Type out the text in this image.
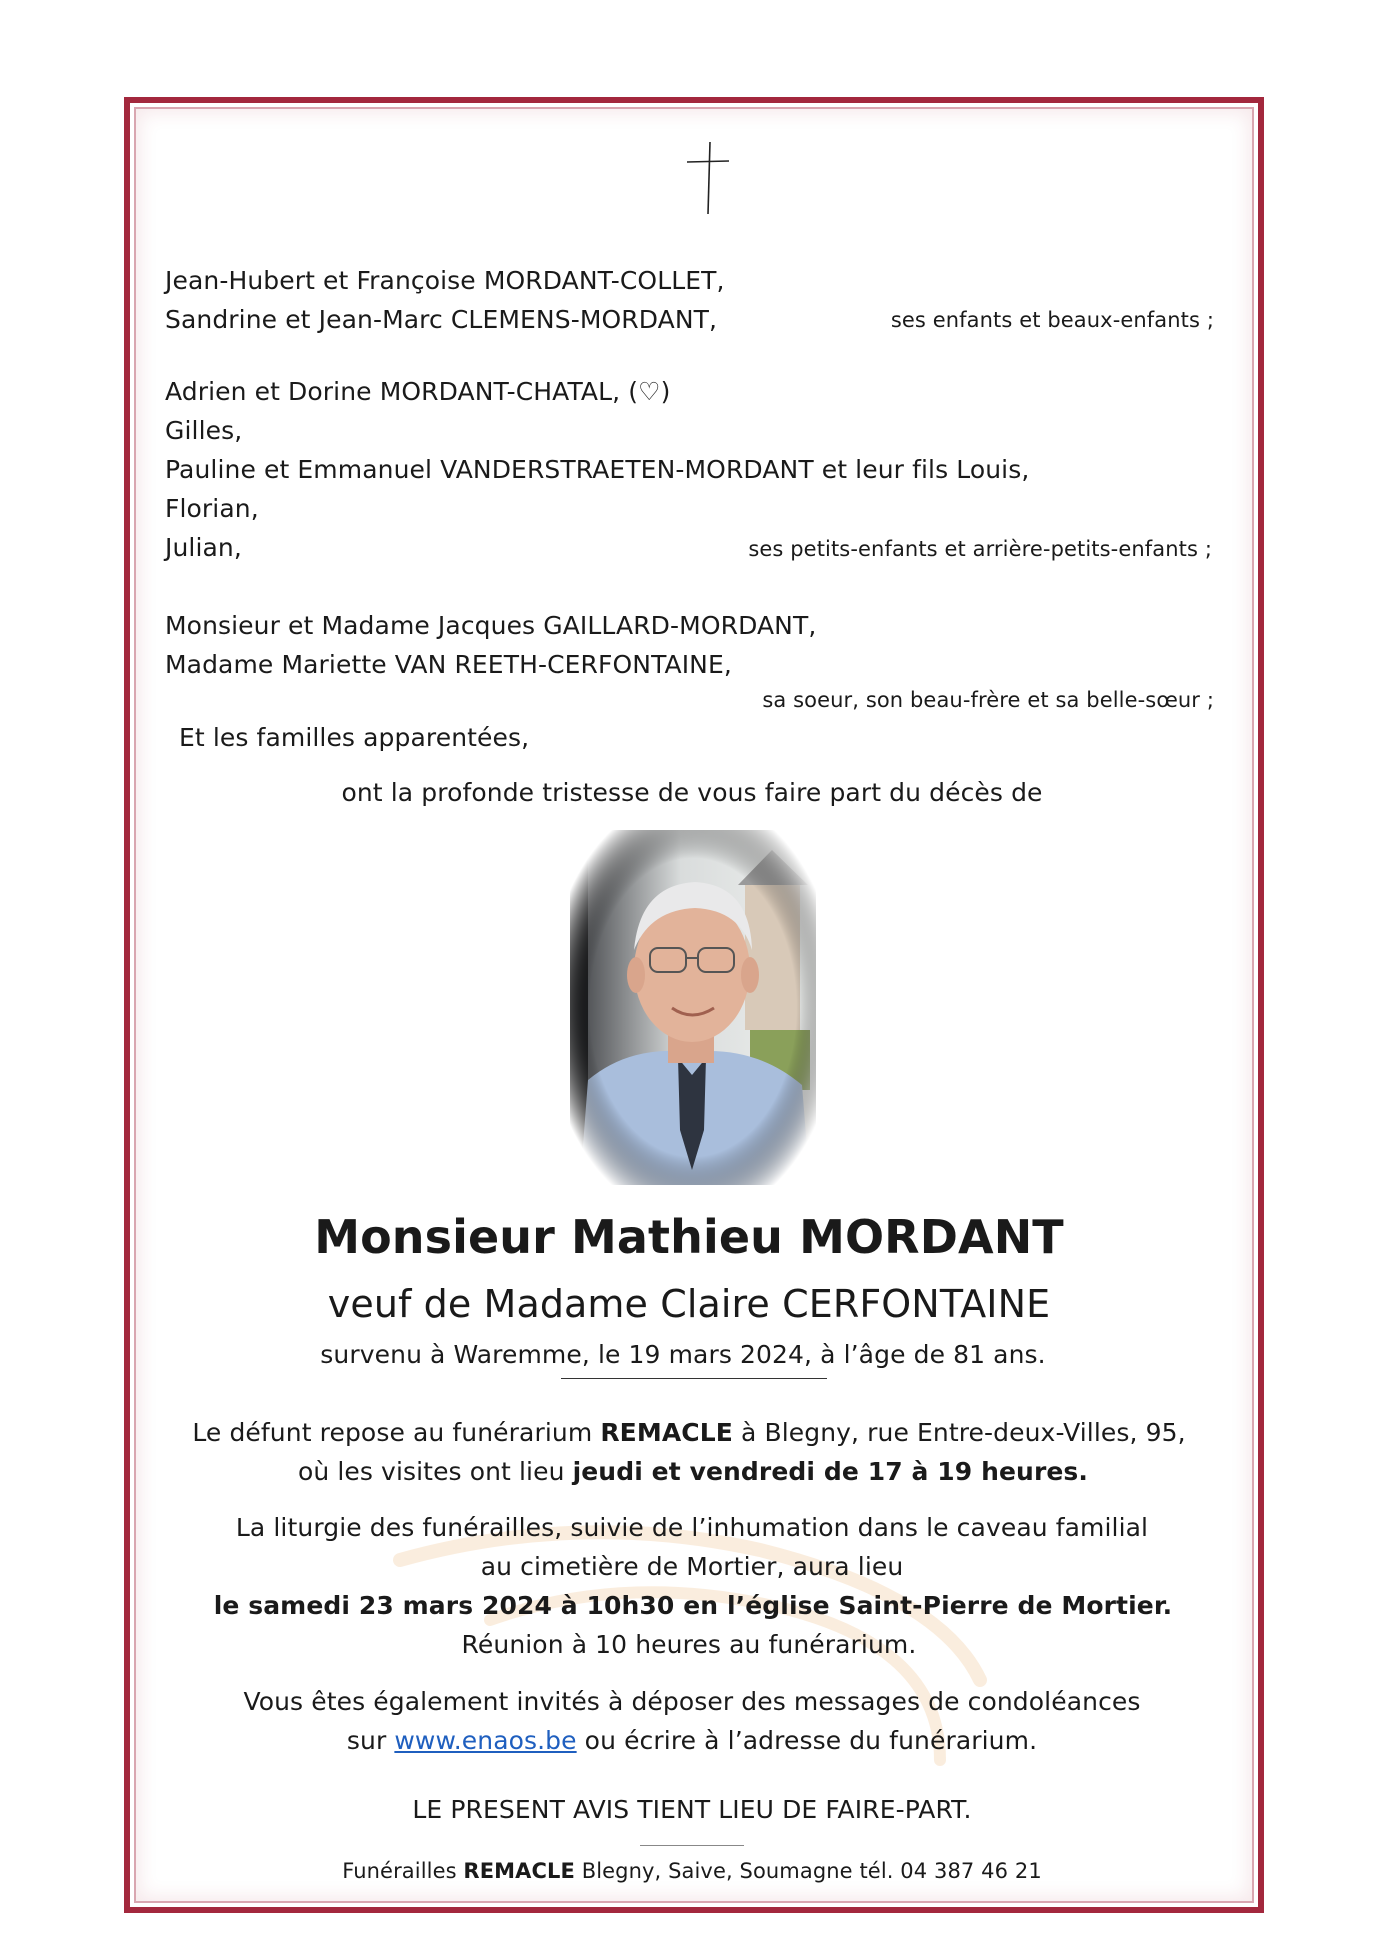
Jean-Hubert et Françoise MORDANT-COLLET,
Sandrine et Jean-Marc CLEMENS-MORDANT,	ses enfants et beaux-enfants ;
Adrien et Dorine MORDANT-CHATAL, (♡)
Gilles,
Pauline et Emmanuel VANDERSTRAETEN-MORDANT et leur fils Louis,
Florian,
Julian,	ses petits-enfants et arrière-petits-enfants ;
Monsieur et Madame Jacques GAILLARD-MORDANT,
Madame Mariette VAN REETH-CERFONTAINE,
sa soeur, son beau-frère et sa belle-sœur ;
Et les familles apparentées,
ont la profonde tristesse de vous faire part du décès de
Monsieur Mathieu MORDANT
veuf de Madame Claire CERFONTAINE
survenu à Waremme, le 19 mars 2024, à l’âge de 81 ans.
Le défunt repose au funérarium REMACLE à Blegny, rue Entre-deux-Villes, 95,
où les visites ont lieu jeudi et vendredi de 17 à 19 heures.
La liturgie des funérailles, suivie de l’inhumation dans le caveau familial
au cimetière de Mortier, aura lieu
le samedi 23 mars 2024 à 10h30 en l’église Saint-Pierre de Mortier.
Réunion à 10 heures au funérarium.
Vous êtes également invités à déposer des messages de condoléances
sur www.enaos.be ou écrire à l’adresse du funérarium.
LE PRESENT AVIS TIENT LIEU DE FAIRE-PART.
Funérailles REMACLE Blegny, Saive, Soumagne tél. 04 387 46 21
